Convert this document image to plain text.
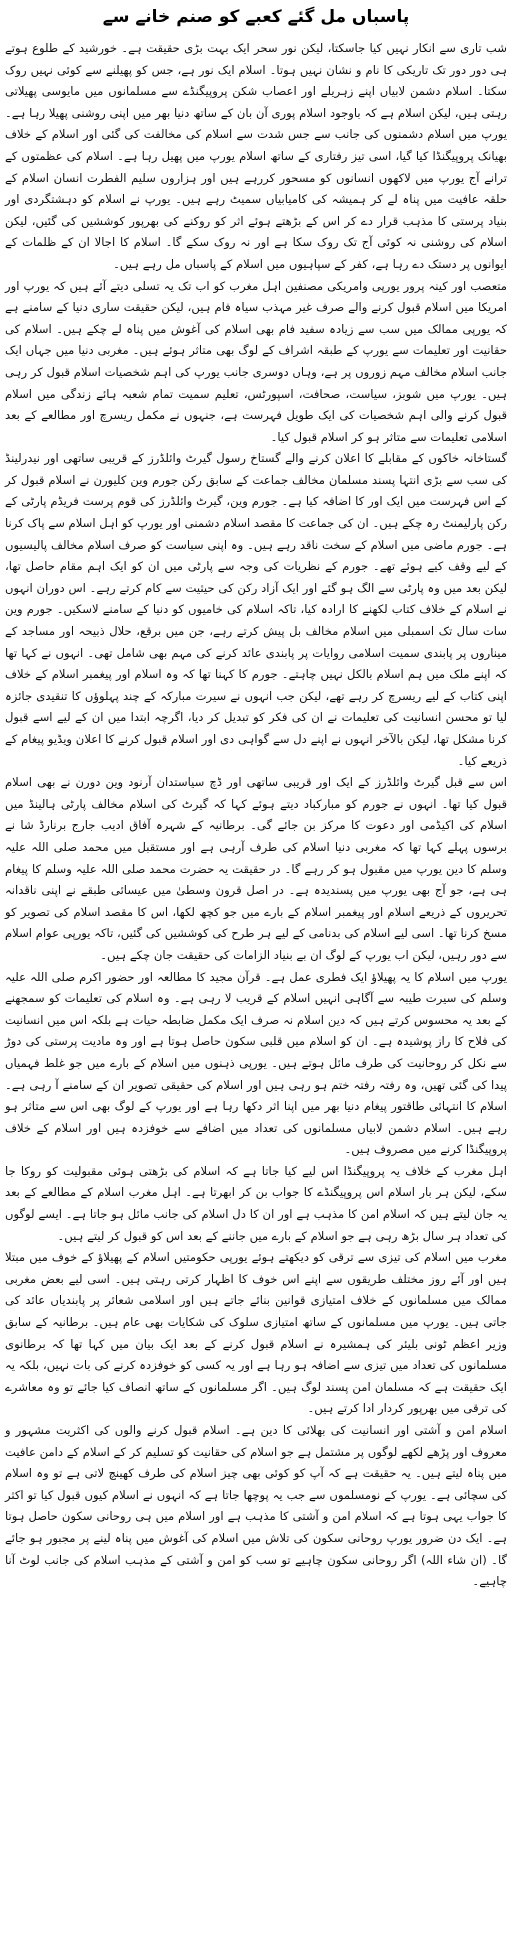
پاسباں مل گئے کعبے کو صنم خانے سے

شب تاری سے انکار نہیں کیا جاسکتا، لیکن نور سحر ایک بہت بڑی حقیقت ہے۔ خورشید کے طلوع ہوتے ہی دور دور تک تاریکی کا نام و نشان نہیں ہوتا۔ اسلام ایک نور ہے، جس کو پھیلنے سے کوئی نہیں روک سکتا۔ اسلام دشمن لابیاں اپنے زہریلے اور اعصاب شکن پروپیگنڈے سے مسلمانوں میں مایوسی پھیلاتی رہتی ہیں، لیکن اسلام ہے کہ باوجود اسلام پوری آن بان کے ساتھ دنیا بھر میں اپنی روشنی پھیلا رہا ہے۔ یورپ میں اسلام دشمنوں کی جانب سے جس شدت سے اسلام کی مخالفت کی گئی اور اسلام کے خلاف بھیانک پروپیگنڈا کیا گیا، اسی تیز رفتاری کے ساتھ اسلام یورپ میں پھیل رہا ہے۔ اسلام کی عظمتوں کے ترانے آج یورپ میں لاکھوں انسانوں کو مسحور کررہے ہیں اور ہزاروں سلیم الفطرت انسان اسلام کے حلقہ عافیت میں پناہ لے کر ہمیشہ کی کامیابیاں سمیٹ رہے ہیں۔ یورپ نے اسلام کو دہشتگردی اور بنیاد پرستی کا مذہب قرار دے کر اس کے بڑھتے ہوئے اثر کو روکنے کی بھرپور کوششیں کی گئیں، لیکن اسلام کی روشنی نہ کوئی آج تک روک سکا ہے اور نہ روک سکے گا۔ اسلام کا اجالا ان کے ظلمات کے ایوانوں پر دستک دے رہا ہے، کفر کے سپاہیوں میں اسلام کے پاسباں مل رہے ہیں۔

متعصب اور کینہ پرور یورپی وامریکی مصنفین اہل مغرب کو اب تک یہ تسلی دیتے آئے ہیں کہ یورپ اور امریکا میں اسلام قبول کرنے والے صرف غیر مہذب سیاہ فام ہیں، لیکن حقیقت ساری دنیا کے سامنے ہے کہ یورپی ممالک میں سب سے زیادہ سفید فام بھی اسلام کی آغوش میں پناہ لے چکے ہیں۔ اسلام کی حقانیت اور تعلیمات سے یورپ کے طبقہ اشراف کے لوگ بھی متاثر ہوئے ہیں۔ مغربی دنیا میں جہاں ایک جانب اسلام مخالف مہم زوروں پر ہے، وہاں دوسری جانب یورپ کی اہم شخصیات اسلام قبول کر رہی ہیں۔ یورپ میں شوبز، سیاست، صحافت، اسپورٹس، تعلیم سمیت تمام شعبہ ہائے زندگی میں اسلام قبول کرنے والی اہم شخصیات کی ایک طویل فہرست ہے، جنہوں نے مکمل ریسرچ اور مطالعے کے بعد اسلامی تعلیمات سے متاثر ہو کر اسلام قبول کیا۔

گستاخانہ خاکوں کے مقابلے کا اعلان کرنے والے گستاخ رسول گیرٹ وائلڈرز کے قریبی ساتھی اور نیدرلینڈ کی سب سے بڑی انتہا پسند مسلمان مخالف جماعت کے سابق رکن جورم وین کلیورن نے اسلام قبول کر کے اس فہرست میں ایک اور کا اضافہ کیا ہے۔ جورم وین، گیرٹ وائلڈرز کی قوم پرست فریڈم پارٹی کے رکن پارلیمنٹ رہ چکے ہیں۔ ان کی جماعت کا مقصد اسلام دشمنی اور یورپ کو اہل اسلام سے پاک کرنا ہے۔ جورم ماضی میں اسلام کے سخت ناقد رہے ہیں۔ وہ اپنی سیاست کو صرف اسلام مخالف پالیسیوں کے لیے وقف کیے ہوئے تھے۔ جورم کے نظریات کی وجہ سے پارٹی میں ان کو ایک اہم مقام حاصل تھا، لیکن بعد میں وہ پارٹی سے الگ ہو گئے اور ایک آزاد رکن کی حیثیت سے کام کرتے رہے۔ اس دوران انہوں نے اسلام کے خلاف کتاب لکھنے کا ارادہ کیا، تاکہ اسلام کی خامیوں کو دنیا کے سامنے لاسکیں۔ جورم وین سات سال تک اسمبلی میں اسلام مخالف بل پیش کرتے رہے، جن میں برقع، حلال ذبیحہ اور مساجد کے میناروں پر پابندی سمیت اسلامی روایات پر پابندی عائد کرنے کی مہم بھی شامل تھی۔ انہوں نے کہا تھا کہ اپنے ملک میں ہم اسلام بالکل نہیں چاہتے۔ جورم کا کہنا تھا کہ وہ اسلام اور پیغمبر اسلام کے خلاف اپنی کتاب کے لیے ریسرچ کر رہے تھے، لیکن جب انہوں نے سیرت مبارکہ کے چند پہلوؤں کا تنقیدی جائزہ لیا تو محسن انسانیت کی تعلیمات نے ان کی فکر کو تبدیل کر دیا، اگرچہ ابتدا میں ان کے لیے اسے قبول کرنا مشکل تھا، لیکن بالآخر انہوں نے اپنے دل سے گواہی دی اور اسلام قبول کرنے کا اعلان ویڈیو پیغام کے ذریعے کیا۔

اس سے قبل گیرٹ وائلڈرز کے ایک اور قریبی ساتھی اور ڈچ سیاستدان آرنود وین دورن نے بھی اسلام قبول کیا تھا۔ انہوں نے جورم کو مبارکباد دیتے ہوئے کہا کہ گیرٹ کی اسلام مخالف پارٹی ہالینڈ میں اسلام کی اکیڈمی اور دعوت کا مرکز بن جائے گی۔ برطانیہ کے شہرہ آفاق ادیب جارج برنارڈ شا نے برسوں پہلے کہا تھا کہ مغربی دنیا اسلام کی طرف آرہی ہے اور مستقبل میں محمد صلی اللہ علیہ وسلم کا دین یورپ میں مقبول ہو کر رہے گا۔ در حقیقت یہ حضرت محمد صلی اللہ علیہ وسلم کا پیغام ہی ہے، جو آج بھی یورپ میں پسندیدہ ہے۔ در اصل قرون وسطیٰ میں عیسائی طبقے نے اپنی ناقدانہ تحریروں کے ذریعے اسلام اور پیغمبر اسلام کے بارے میں جو کچھ لکھا، اس کا مقصد اسلام کی تصویر کو مسخ کرنا تھا۔ اسی لیے اسلام کی بدنامی کے لیے ہر طرح کی کوششیں کی گئیں، تاکہ یورپی عوام اسلام سے دور رہیں، لیکن اب یورپ کے لوگ ان بے بنیاد الزامات کی حقیقت جان چکے ہیں۔

یورپ میں اسلام کا یہ پھیلاؤ ایک فطری عمل ہے۔ قرآن مجید کا مطالعہ اور حضور اکرم صلی اللہ علیہ وسلم کی سیرت طیبہ سے آگاہی انہیں اسلام کے قریب لا رہی ہے۔ وہ اسلام کی تعلیمات کو سمجھنے کے بعد یہ محسوس کرتے ہیں کہ دین اسلام نہ صرف ایک مکمل ضابطہ حیات ہے بلکہ اس میں انسانیت کی فلاح کا راز پوشیدہ ہے۔ ان کو اسلام میں قلبی سکون حاصل ہوتا ہے اور وہ مادیت پرستی کی دوڑ سے نکل کر روحانیت کی طرف مائل ہوتے ہیں۔ یورپی ذہنوں میں اسلام کے بارے میں جو غلط فہمیاں پیدا کی گئی تھیں، وہ رفتہ رفتہ ختم ہو رہی ہیں اور اسلام کی حقیقی تصویر ان کے سامنے آ رہی ہے۔ اسلام کا انتہائی طاقتور پیغام دنیا بھر میں اپنا اثر دکھا رہا ہے اور یورپ کے لوگ بھی اس سے متاثر ہو رہے ہیں۔ اسلام دشمن لابیاں مسلمانوں کی تعداد میں اضافے سے خوفزدہ ہیں اور اسلام کے خلاف پروپیگنڈا کرنے میں مصروف ہیں۔

اہل مغرب کے خلاف یہ پروپیگنڈا اس لیے کیا جاتا ہے کہ اسلام کی بڑھتی ہوئی مقبولیت کو روکا جا سکے، لیکن ہر بار اسلام اس پروپیگنڈے کا جواب بن کر ابھرتا ہے۔ اہل مغرب اسلام کے مطالعے کے بعد یہ جان لیتے ہیں کہ اسلام امن کا مذہب ہے اور ان کا دل اسلام کی جانب مائل ہو جاتا ہے۔ ایسے لوگوں کی تعداد ہر سال بڑھ رہی ہے جو اسلام کے بارے میں جاننے کے بعد اس کو قبول کر لیتے ہیں۔

مغرب میں اسلام کی تیزی سے ترقی کو دیکھتے ہوئے یورپی حکومتیں اسلام کے پھیلاؤ کے خوف میں مبتلا ہیں اور آئے روز مختلف طریقوں سے اپنے اس خوف کا اظہار کرتی رہتی ہیں۔ اسی لیے بعض مغربی ممالک میں مسلمانوں کے خلاف امتیازی قوانین بنائے جاتے ہیں اور اسلامی شعائر پر پابندیاں عائد کی جاتی ہیں۔ یورپ میں مسلمانوں کے ساتھ امتیازی سلوک کی شکایات بھی عام ہیں۔ برطانیہ کے سابق وزیر اعظم ٹونی بلیئر کی ہمشیرہ نے اسلام قبول کرنے کے بعد ایک بیان میں کہا تھا کہ برطانوی مسلمانوں کی تعداد میں تیزی سے اضافہ ہو رہا ہے اور یہ کسی کو خوفزدہ کرنے کی بات نہیں، بلکہ یہ ایک حقیقت ہے کہ مسلمان امن پسند لوگ ہیں۔ اگر مسلمانوں کے ساتھ انصاف کیا جائے تو وہ معاشرے کی ترقی میں بھرپور کردار ادا کرتے ہیں۔

اسلام امن و آشتی اور انسانیت کی بھلائی کا دین ہے۔ اسلام قبول کرنے والوں کی اکثریت مشہور و معروف اور پڑھے لکھے لوگوں پر مشتمل ہے جو اسلام کی حقانیت کو تسلیم کر کے اسلام کے دامن عافیت میں پناہ لیتے ہیں۔ یہ حقیقت ہے کہ آپ کو کوئی بھی چیز اسلام کی طرف کھینچ لاتی ہے تو وہ اسلام کی سچائی ہے۔ یورپ کے نومسلموں سے جب یہ پوچھا جاتا ہے کہ انہوں نے اسلام کیوں قبول کیا تو اکثر کا جواب یہی ہوتا ہے کہ اسلام امن و آشتی کا مذہب ہے اور اسلام میں ہی روحانی سکون حاصل ہوتا ہے۔ ایک دن ضرور یورپ روحانی سکون کی تلاش میں اسلام کی آغوش میں پناہ لینے پر مجبور ہو جائے گا۔ (ان شاء اللہ) اگر روحانی سکون چاہیے تو سب کو امن و آشتی کے مذہب اسلام کی جانب لوٹ آنا چاہیے۔
